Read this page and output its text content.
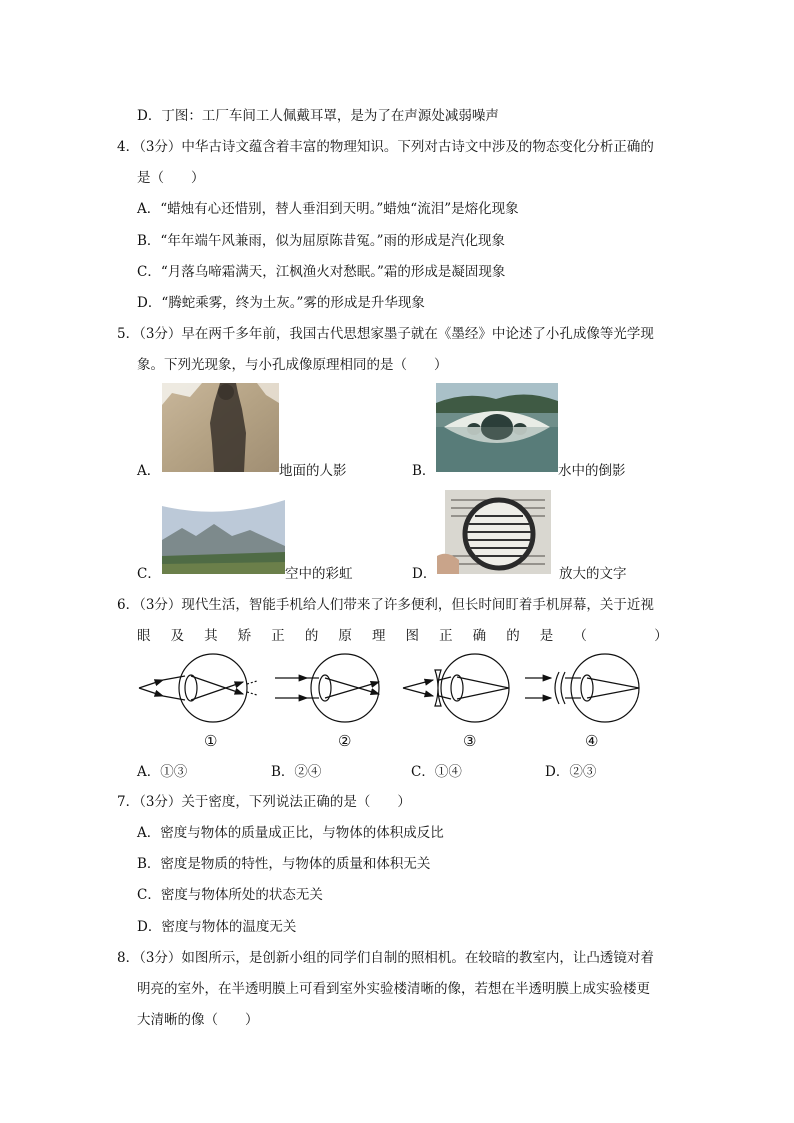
D．丁图：工厂车间工人佩戴耳罩，是为了在声源处减弱噪声
4．（3分）中华古诗文蕴含着丰富的物理知识。下列对古诗文中涉及的物态变化分析正确的
是（　　）
A．“蜡烛有心还惜别，替人垂泪到天明。”蜡烛“流泪”是熔化现象
B．“年年端午风兼雨，似为屈原陈昔冤。”雨的形成是汽化现象
C．“月落乌啼霜满天，江枫渔火对愁眠。”霜的形成是凝固现象
D．“腾蛇乘雾，终为土灰。”雾的形成是升华现象
5．（3分）早在两千多年前，我国古代思想家墨子就在《墨经》中论述了小孔成像等光学现
象。下列光现象，与小孔成像原理相同的是（　　）
A．	地面的人影	B．	水中的倒影
C．	空中的彩虹	D．	放大的文字
6．（3分）现代生活，智能手机给人们带来了许多便利，但长时间盯着手机屏幕，关于近视
眼 及 其 矫 正 的 原 理 图 正 确 的 是 （　　　　　）
①	②	③	④
A．①③	B．②④	C．①④	D．②③
7．（3分）关于密度，下列说法正确的是（　　）
A．密度与物体的质量成正比，与物体的体积成反比
B．密度是物质的特性，与物体的质量和体积无关
C．密度与物体所处的状态无关
D．密度与物体的温度无关
8．（3分）如图所示，是创新小组的同学们自制的照相机。在较暗的教室内，让凸透镜对着
明亮的室外，在半透明膜上可看到室外实验楼清晰的像，若想在半透明膜上成实验楼更
大清晰的像（　　）
